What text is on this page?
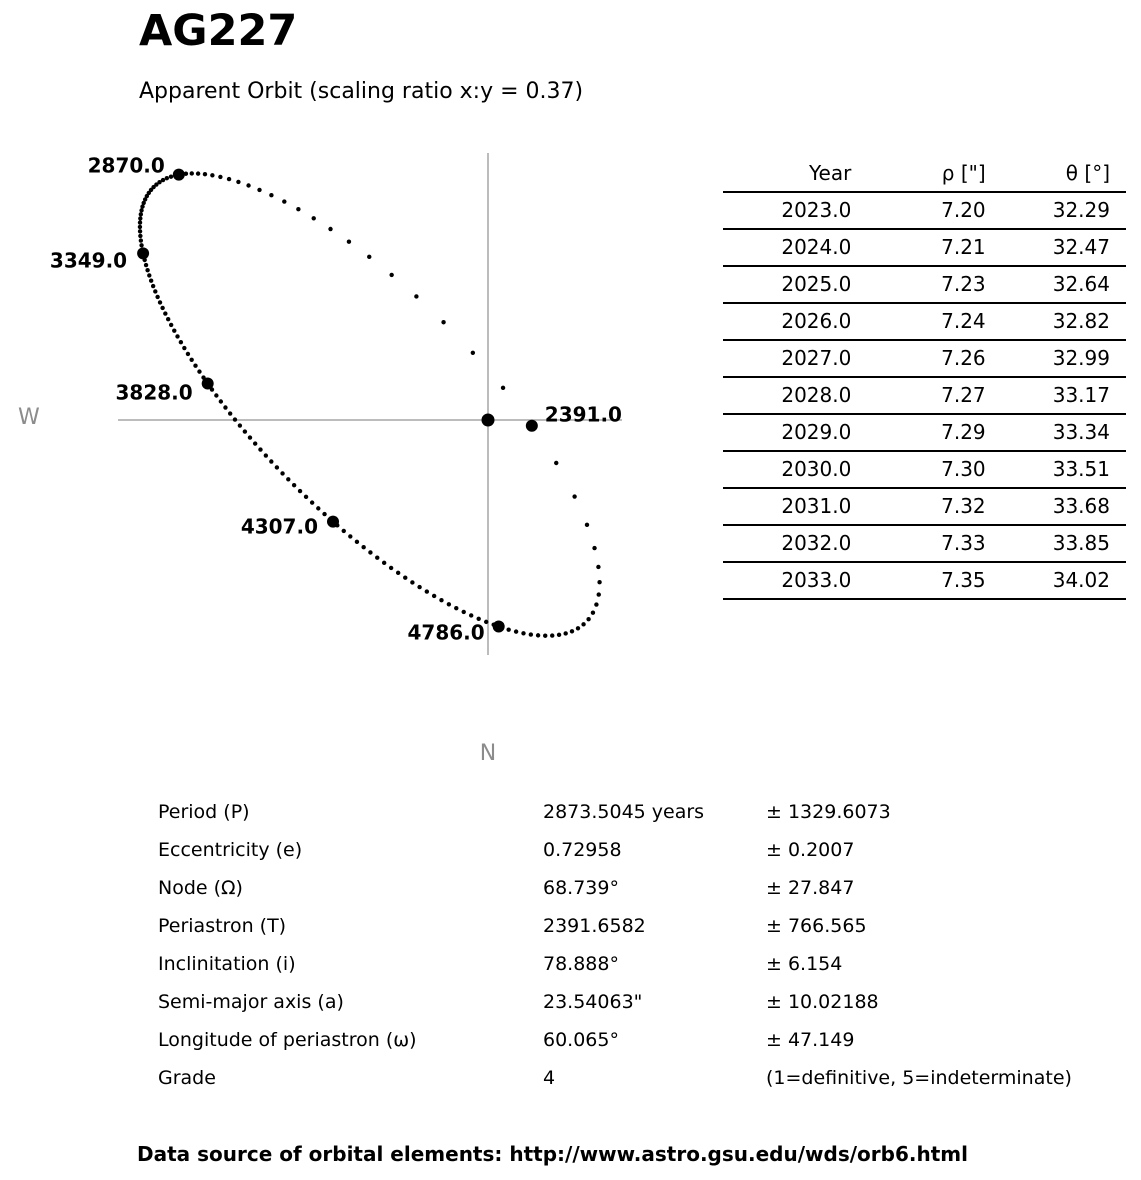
AG227
Apparent Orbit (scaling ratio x:y = 0.37)
2391.0
2870.0
3349.0
3828.0
4307.0
4786.0
W
N
Year	ρ ["]	θ [°]
2023.0	7.20	32.29
2024.0	7.21	32.47
2025.0	7.23	32.64
2026.0	7.24	32.82
2027.0	7.26	32.99
2028.0	7.27	33.17
2029.0	7.29	33.34
2030.0	7.30	33.51
2031.0	7.32	33.68
2032.0	7.33	33.85
2033.0	7.35	34.02
Period (P)	2873.5045 years	± 1329.6073
Eccentricity (e)	0.72958	± 0.2007
Node (Ω)	68.739°	± 27.847
Periastron (T)	2391.6582	± 766.565
Inclinitation (i)	78.888°	± 6.154
Semi-major axis (a)	23.54063"	± 10.02188
Longitude of periastron (ω)	60.065°	± 47.149
Grade	4	(1=definitive, 5=indeterminate)
Data source of orbital elements: http://www.astro.gsu.edu/wds/orb6.html
